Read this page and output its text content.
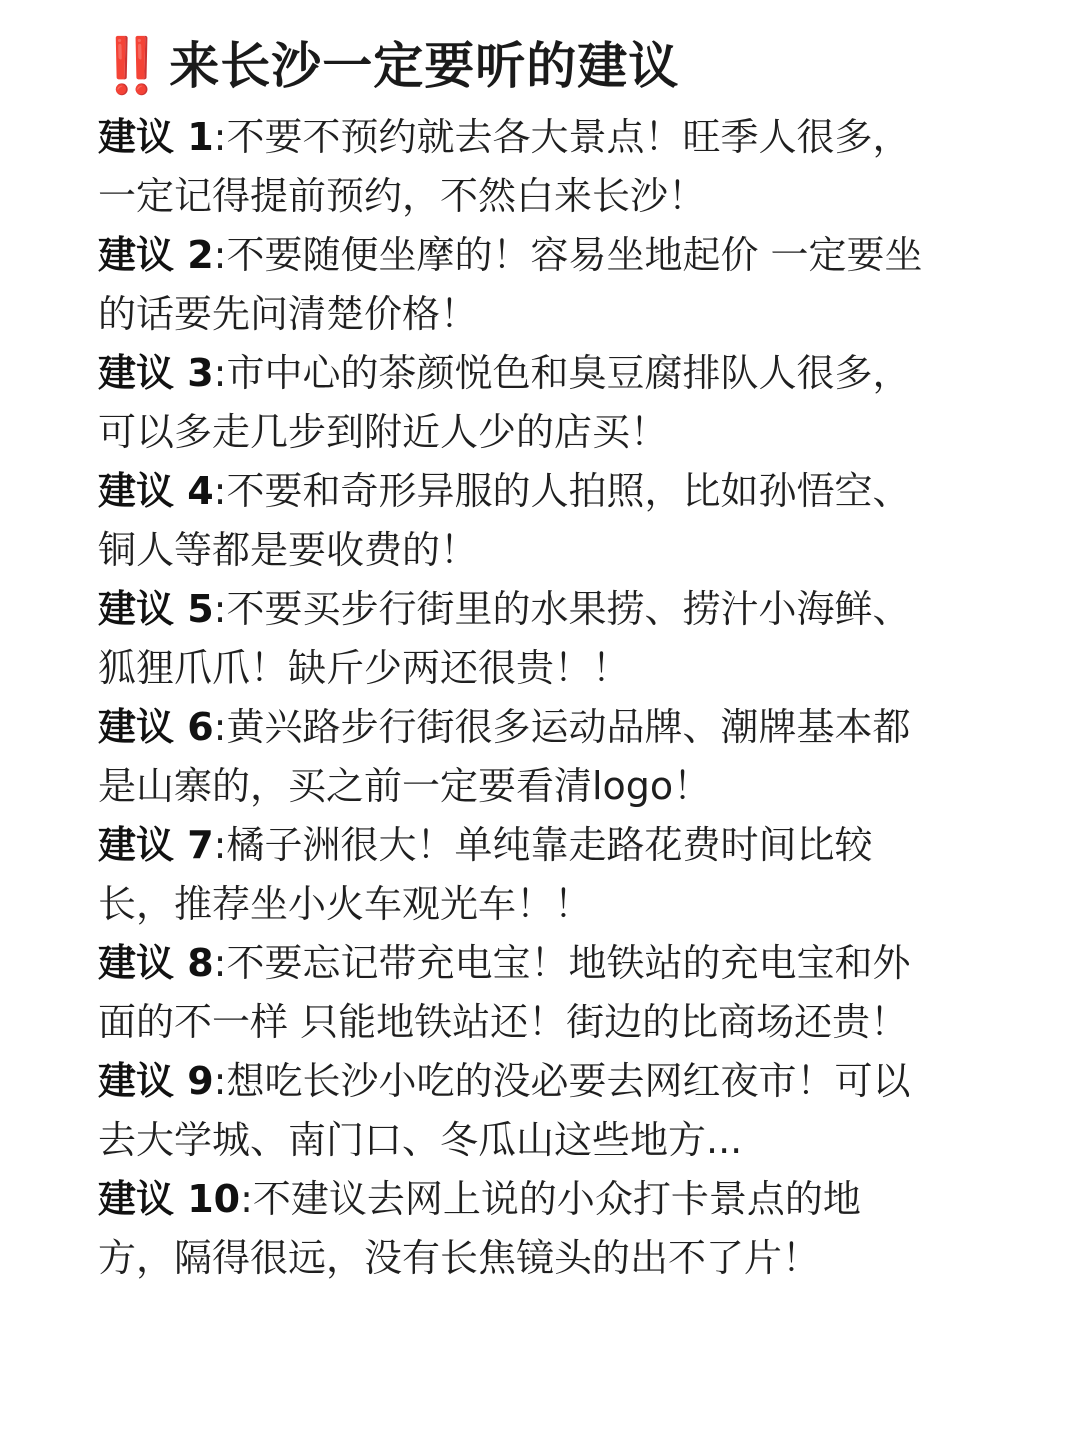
‼️ 来长沙一定要听的建议
建议 1:不要不预约就去各大景点！旺季人很多，一定记得提前预约，不然白来长沙！
建议 2:不要随便坐摩的！容易坐地起价 一定要坐的话要先问清楚价格！
建议 3:市中心的茶颜悦色和臭豆腐排队人很多，可以多走几步到附近人少的店买！
建议 4:不要和奇形异服的人拍照，比如孙悟空、铜人等都是要收费的！
建议 5:不要买步行街里的水果捞、捞汁小海鲜、狐狸爪爪！缺斤少两还很贵！！
建议 6:黄兴路步行街很多运动品牌、潮牌基本都是山寨的，买之前一定要看清logo！
建议 7:橘子洲很大！单纯靠走路花费时间比较长，推荐坐小火车观光车！！
建议 8:不要忘记带充电宝！地铁站的充电宝和外面的不一样 只能地铁站还！街边的比商场还贵！
建议 9:想吃长沙小吃的没必要去网红夜市！可以去大学城、南门口、冬瓜山这些地方...
建议 10:不建议去网上说的小众打卡景点的地方，隔得很远，没有长焦镜头的出不了片！
